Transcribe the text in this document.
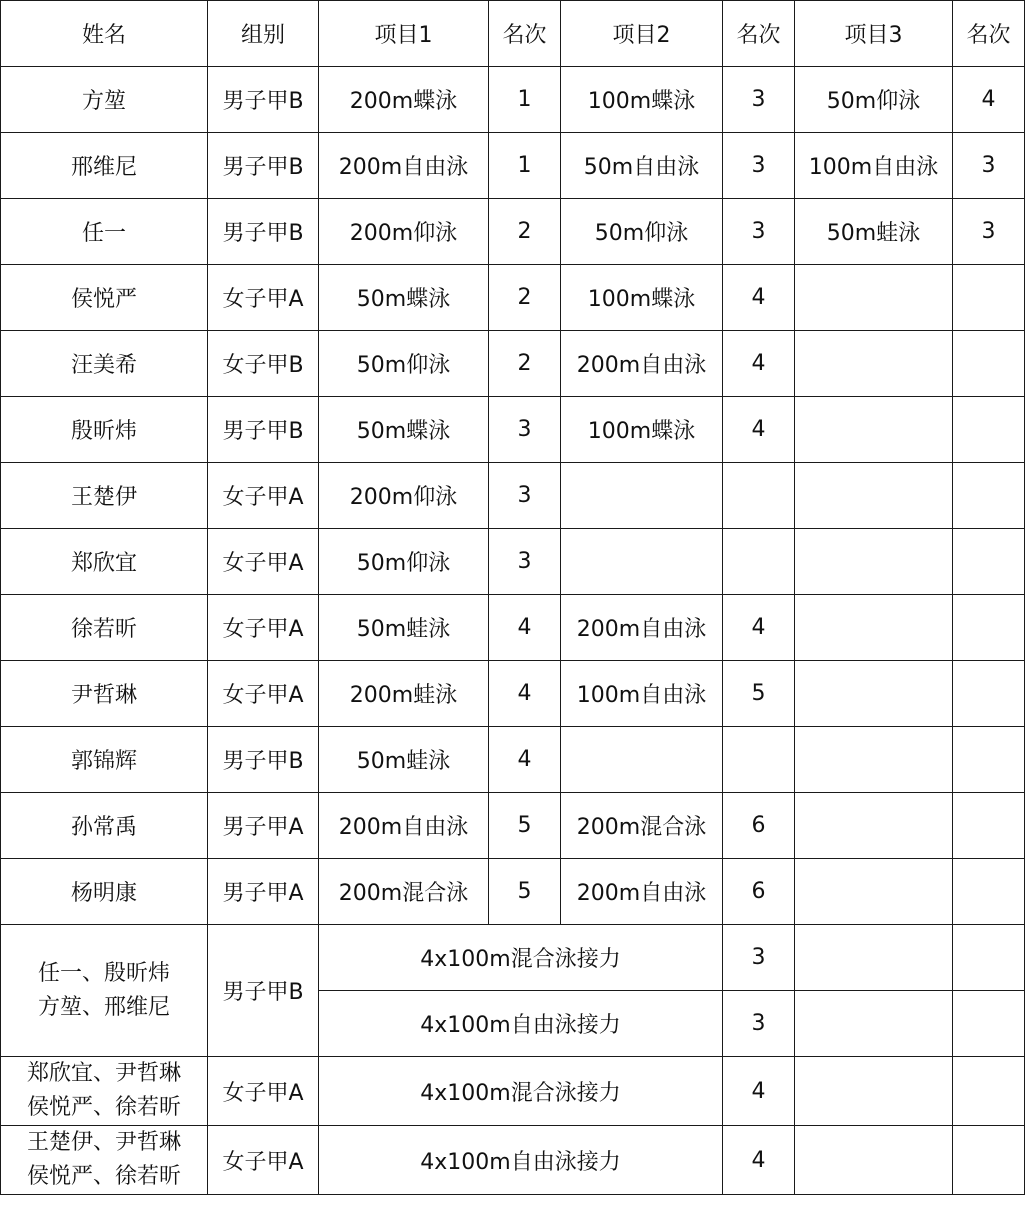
姓名	组别	项目1	名次	项目2	名次	项目3	名次
方堃	男子甲B	200m蝶泳	1	100m蝶泳	3	50m仰泳	4
邢维尼	男子甲B	200m自由泳	1	50m自由泳	3	100m自由泳	3
任一	男子甲B	200m仰泳	2	50m仰泳	3	50m蛙泳	3
侯悦严	女子甲A	50m蝶泳	2	100m蝶泳	4		
汪美希	女子甲B	50m仰泳	2	200m自由泳	4		
殷昕炜	男子甲B	50m蝶泳	3	100m蝶泳	4		
王楚伊	女子甲A	200m仰泳	3				
郑欣宜	女子甲A	50m仰泳	3				
徐若昕	女子甲A	50m蛙泳	4	200m自由泳	4		
尹哲琳	女子甲A	200m蛙泳	4	100m自由泳	5		
郭锦辉	男子甲B	50m蛙泳	4				
孙常禹	男子甲A	200m自由泳	5	200m混合泳	6		
杨明康	男子甲A	200m混合泳	5	200m自由泳	6		

任一、殷昕炜
方堃、邢维尼	男子甲B	4x100m混合泳接力			3		
		4x100m自由泳接力			3		

郑欣宜、尹哲琳
侯悦严、徐若昕	女子甲A	4x100m混合泳接力			4		

王楚伊、尹哲琳
侯悦严、徐若昕	女子甲A	4x100m自由泳接力			4		
